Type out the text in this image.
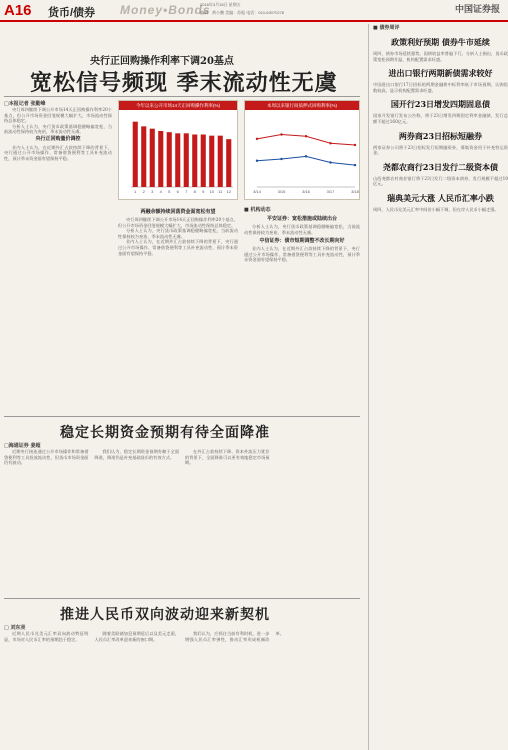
A16 货币/债券 Money•Bonds
2016年3月18日 星期五
编辑：黄小鹏 美编：苏振 电话：010-63070278	中国证券报
央行正回购操作利率下调20基点
宽松信号频现 季末流动性无虞
□本报记者 张勤峰

央行周四继续下调公开市场14天正回购操作利率20个基点，但公开市场资金回笼规模大幅扩大，市场流动性保持总体稳定。

分析人士认为，央行货币政策基调稳健略偏宽松，当前流动性保持较为充裕，季末流动性无虞。

央行正回购量价调控

业内人士认为，在近期外汇占款持续下降的背景下，央行通过公开市场操作、常备借贷便利等工具补充流动性，预计季末资金面有望保持平稳。

今年以来公开市场14天正回购操作利率(%)
1 2 3 4 5 6 7 8 9 10 11 12
本周以来银行间质押式回购利率(%)
3/14	3/15	3/16	3/17	3/18
两融余额持续回落资金面宽松有望

央行周四继续下调公开市场14天正回购操作利率20个基点，但公开市场资金回笼规模大幅扩大，市场流动性保持总体稳定。

分析人士认为，央行货币政策基调稳健略偏宽松，当前流动性保持较为充裕，季末流动性无虞。

业内人士认为，在近期外汇占款持续下降的背景下，央行通过公开市场操作、常备借贷便利等工具补充流动性，预计季末资金面有望保持平稳。

■ 机构动态
平安证券：宽松措施或陆续出台

分析人士认为，央行货币政策基调稳健略偏宽松，当前流动性保持较为充裕，季末流动性无虞。

中信证券：债市短期调整不改长期向好

业内人士认为，在近期外汇占款持续下降的背景下，央行通过公开市场操作、常备借贷便利等工具补充流动性，预计季末资金面有望保持平稳。

稳定长期资金预期有待全面降准
□海通证券 姜超

近期央行接连通过公开市场操作和常备借贷便利等工具投放流动性，但货币市场资金面仍有波动。

我们认为，稳定长期资金预期有赖于全面降准，降准仍是补充基础货币的有效方式。

在外汇占款持续下降、资本外流压力犹存的背景下，全面降准可以更有效地稳定市场预期。

推进人民币双向波动迎来新契机
□ 刘东亮

近期人民币兑美元汇率双向波动特征明显，市场对人民币汇率的预期趋于稳定。

随着美联储加息预期延后以及美元走弱，人民币汇率改革迎来新的窗口期。

我们认为，应抓住当前有利时机，进一步增强人民币汇率弹性，推动汇率形成机制改革。

■ 债券周评
政策利好预期 债券牛市延续
周四，债券市场延续强势，国债收益率普遍下行。分析人士指出，货币政策宽松预期升温，机构配置需求旺盛。
进出口银行两期新债需求较好
中国进出口银行17日招标的两期金融债中标利率低于市场预期，认购倍数较高，显示机构配置需求旺盛。
国开行23日增发四期固息债
国家开发银行发布公告称，将于23日增发四期固定利率金融债，发行总额不超过160亿元。
两券商23日招标短融券
两家证券公司将于23日招标发行短期融资券，募集资金用于补充营运资金。
尧都农商行23日发行二级资本债
山西尧都农村商业银行将于23日发行二级资本债券，发行规模不超过10亿元。
瑞典美元大涨 人民币汇率小跌
周四，人民币兑美元汇率中间价小幅下调，但在岸人民币小幅走强。
